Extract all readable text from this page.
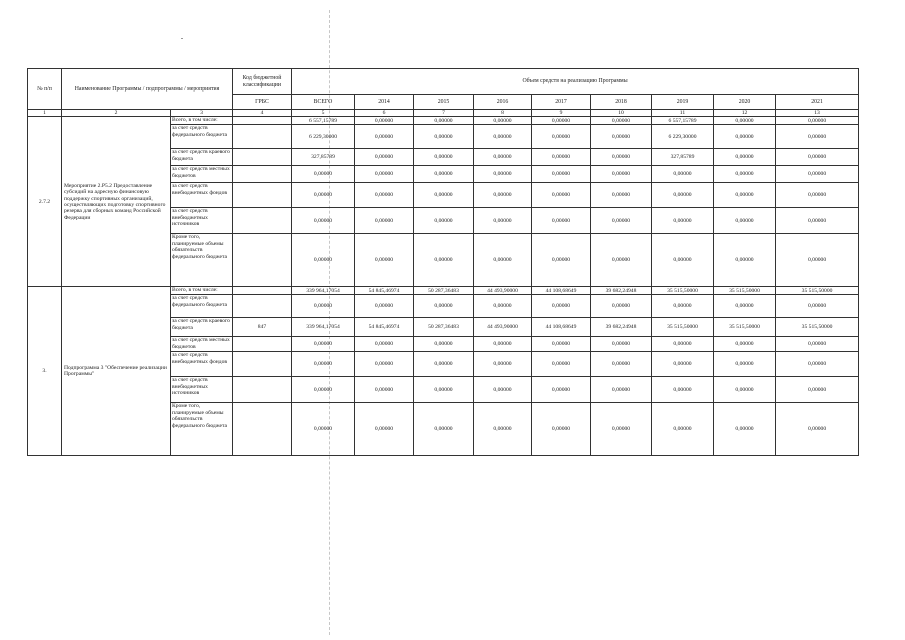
№ п/п	Наименование Программы / подпрограммы / мероприятия		Код бюджетной классификации	Объем средств на реализацию Программы								
			ГРБС	ВСЕГО	2014	2015	2016	2017	2018	2019	2020	2021
1	2	3	4	5	6	7	8	9	10	11	12	13
2.7.2	Мероприятие 2.Р5.2 Предоставление субсидий на адресную финансовую поддержку спортивных организаций, осуществляющих подготовку спортивного резерва для сборных команд Российской Федерации	Всего, в том числе:		6 557,15789	0,00000	0,00000	0,00000	0,00000	0,00000	6 557,15789	0,00000	0,00000
		за счет средств федерального бюджета		6 229,30000	0,00000	0,00000	0,00000	0,00000	0,00000	6 229,30000	0,00000	0,00000
		за счет средств краевого бюджета		327,85789	0,00000	0,00000	0,00000	0,00000	0,00000	327,85789	0,00000	0,00000
		за счет средств местных бюджетов		0,00000	0,00000	0,00000	0,00000	0,00000	0,00000	0,00000	0,00000	0,00000
		за счет средств внебюджетных фондов		0,00000	0,00000	0,00000	0,00000	0,00000	0,00000	0,00000	0,00000	0,00000
		за счет средств внебюджетных источников		0,00000	0,00000	0,00000	0,00000	0,00000	0,00000	0,00000	0,00000	0,00000
		Кроме того, планируемые объемы обязательств федерального бюджета		0,00000	0,00000	0,00000	0,00000	0,00000	0,00000	0,00000	0,00000	0,00000
3.	Подпрограмма 3 "Обеспечение реализации Программы"	Всего, в том числе:		339 964,17054	54 845,46974	50 287,36483	44 493,90000	44 108,68649	39 682,24948	35 515,50000	35 515,50000	35 515,50000
		за счет средств федерального бюджета		0,00000	0,00000	0,00000	0,00000	0,00000	0,00000	0,00000	0,00000	0,00000
		за счет средств краевого бюджета	847	339 964,17054	54 845,46974	50 287,36483	44 493,90000	44 108,68649	39 682,24948	35 515,50000	35 515,50000	35 515,50000
		за счет средств местных бюджетов		0,00000	0,00000	0,00000	0,00000	0,00000	0,00000	0,00000	0,00000	0,00000
		за счет средств внебюджетных фондов		0,00000	0,00000	0,00000	0,00000	0,00000	0,00000	0,00000	0,00000	0,00000
		за счет средств внебюджетных источников		0,00000	0,00000	0,00000	0,00000	0,00000	0,00000	0,00000	0,00000	0,00000
		Кроме того, планируемые объемы обязательств федерального бюджета		0,00000	0,00000	0,00000	0,00000	0,00000	0,00000	0,00000	0,00000	0,00000
